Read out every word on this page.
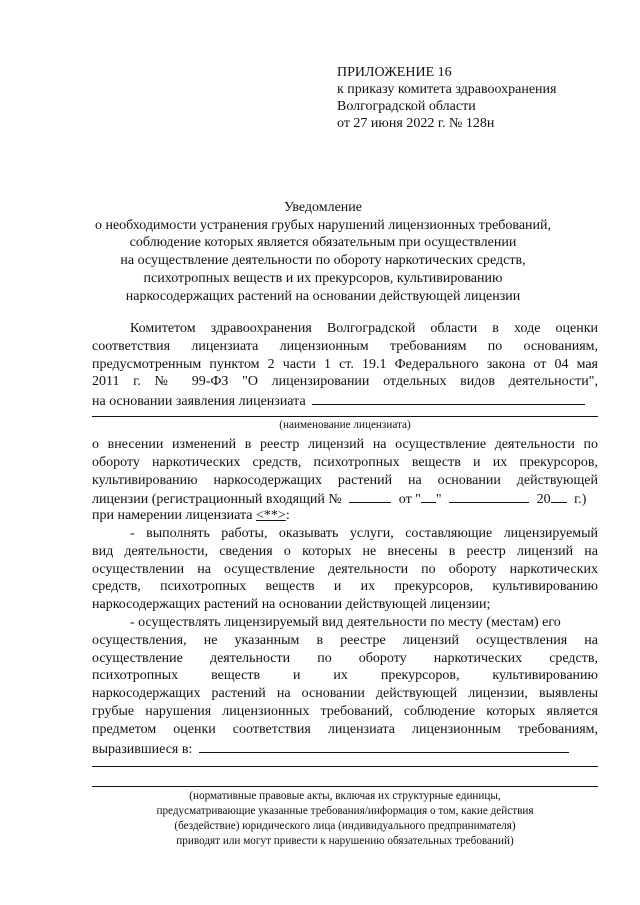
ПРИЛОЖЕНИЕ 16
к приказу комитета здравоохранения
Волгоградской области
от 27 июня 2022 г. № 128н
Уведомление
о необходимости устранения грубых нарушений лицензионных требований,
соблюдение которых является обязательным при осуществлении
на осуществление деятельности по обороту наркотических средств,
психотропных веществ и их прекурсоров, культивированию
наркосодержащих растений на основании действующей лицензии
Комитетом здравоохранения Волгоградской области в ходе оценки
соответствия лицензиата лицензионным требованиям по основаниям,
предусмотренным пунктом 2 части 1 ст. 19.1 Федерального закона от 04 мая
2011 г. № 99-ФЗ "О лицензировании отдельных видов деятельности",
на основании заявления лицензиата
(наименование лицензиата)
о внесении изменений в реестр лицензий на осуществление деятельности по
обороту наркотических средств, психотропных веществ и их прекурсоров,
культивированию наркосодержащих растений на основании действующей
лицензии (регистрационный входящий №	от " "	20 г.)
при намерении лицензиата <**>:
- выполнять работы, оказывать услуги, составляющие лицензируемый
вид деятельности, сведения о которых не внесены в реестр лицензий на
осуществлении на осуществление деятельности по обороту наркотических
средств, психотропных веществ и их прекурсоров, культивированию
наркосодержащих растений на основании действующей лицензии;
- осуществлять лицензируемый вид деятельности по месту (местам) его
осуществления, не указанным в реестре лицензий осуществления на
осуществление деятельности по обороту наркотических средств,
психотропных веществ и их прекурсоров, культивированию
наркосодержащих растений на основании действующей лицензии, выявлены
грубые нарушения лицензионных требований, соблюдение которых является
предметом оценки соответствия лицензиата лицензионным требованиям,
выразившиеся в:
(нормативные правовые акты, включая их структурные единицы,
предусматривающие указанные требования/информация о том, какие действия
(бездействие) юридического лица (индивидуального предпринимателя)
приводят или могут привести к нарушению обязательных требований)
